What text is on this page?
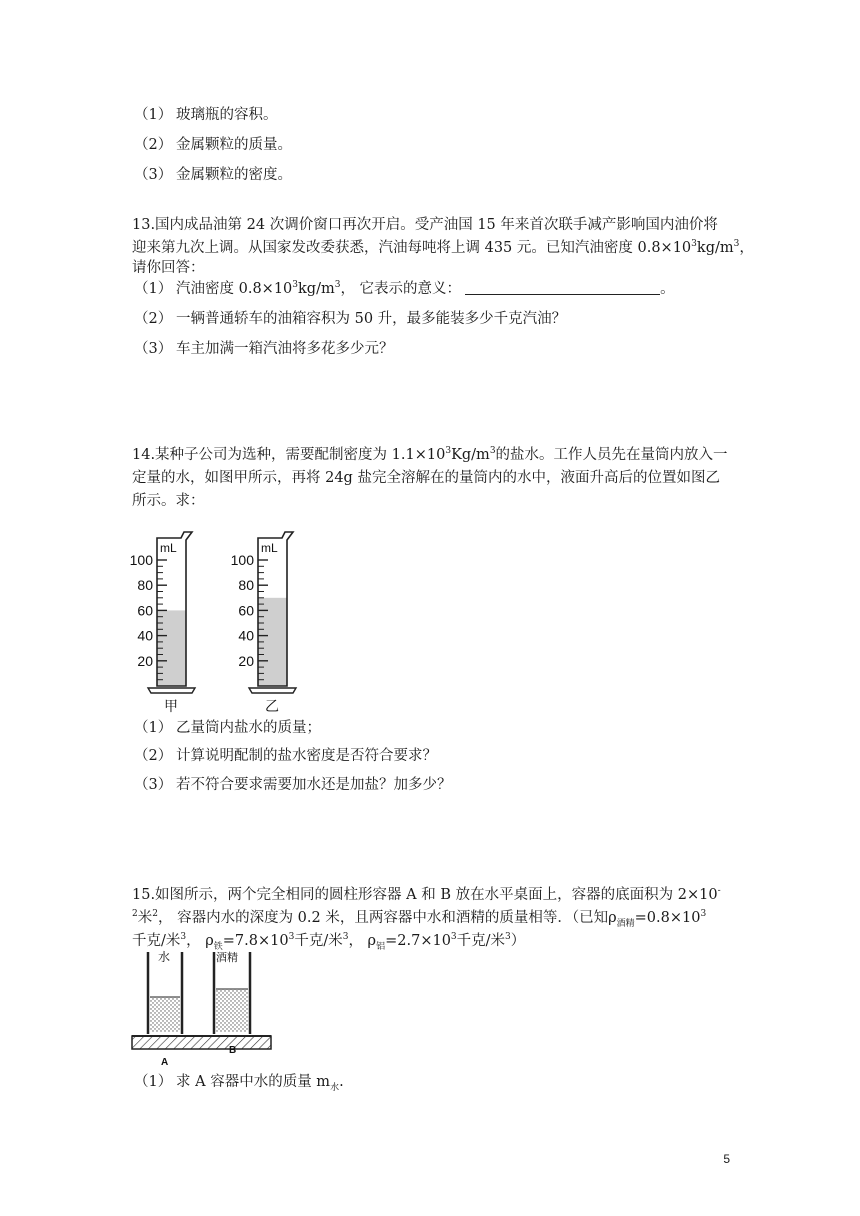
（1） 玻璃瓶的容积。
（2） 金属颗粒的质量。
（3） 金属颗粒的密度。
13.国内成品油第 24 次调价窗口再次开启。受产油国 15 年来首次联手减产影响国内油价将
迎来第九次上调。从国家发改委获悉，汽油每吨将上调 435 元。已知汽油密度 $0.8\times 10^3kg/m^3$，
请你回答：
（1） 汽油密度 $0.8\times 10^3kg/m^3$， 它表示的意义：	。
（2） 一辆普通轿车的油箱容积为 50 升，最多能装多少千克汽油？
（3） 车主加满一箱汽油将多花多少元？
14.某种子公司为选种，需要配制密度为 $1.1\times 10^3Kg/m^3$的盐水。工作人员先在量筒内放入一
定量的水，如图甲所示，再将 24g 盐完全溶解在的量筒内的水中，液面升高后的位置如图乙
所示。求：
mL
100
80
60
40
20
甲
mL
100
80
60
40
20
乙
（1） 乙量筒内盐水的质量；
（2） 计算说明配制的盐水密度是否符合要求？
（3） 若不符合要求需要加水还是加盐？加多少？
15.如图所示，两个完全相同的圆柱形容器 A 和 B 放在水平桌面上，容器的底面积为 2×10-
$^2$米$^2$， 容器内水的深度为 0.2 米，且两容器中水和酒精的质量相等．（已知$\rho_{酒精}=0.8\times 10^3$
千克/米$^3$， $\rho_铁=7.8\times 10^3$千克/米$^3$， $\rho_铝=2.7\times 10^3$千克/米$^3$）
水	酒精
A
B
（1） 求 A 容器中水的质量 $m_水$.
5
